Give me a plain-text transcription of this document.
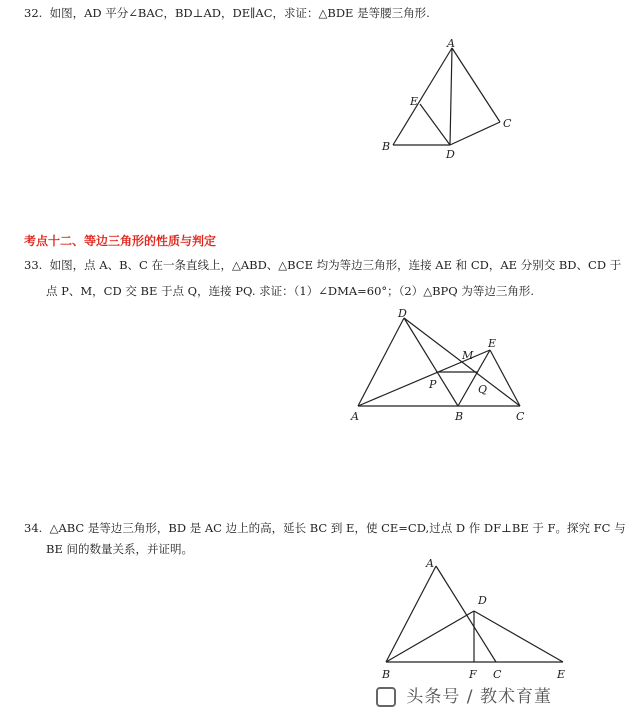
32. 如图，AD 平分∠BAC，BD⊥AD，DE∥AC，求证：△BDE 是等腰三角形.
A
E
B
D
C
D
E
M
P	Q
A	B	C
A
D
B	F C	E
考点十二、等边三角形的性质与判定
33. 如图，点 A、B、C 在一条直线上，△ABD、△BCE 均为等边三角形，连接 AE 和 CD，AE 分别交 BD、CD 于
点 P、M，CD 交 BE 于点 Q，连接 PQ. 求证：（1）∠DMA=60°；（2）△BPQ 为等边三角形.
34. △ABC 是等边三角形，BD 是 AC 边上的高，延长 BC 到 E，使 CE=CD,过点 D 作 DF⊥BE 于 F。探究 FC 与
BE 间的数量关系，并证明。
头条号 / 教术育董
